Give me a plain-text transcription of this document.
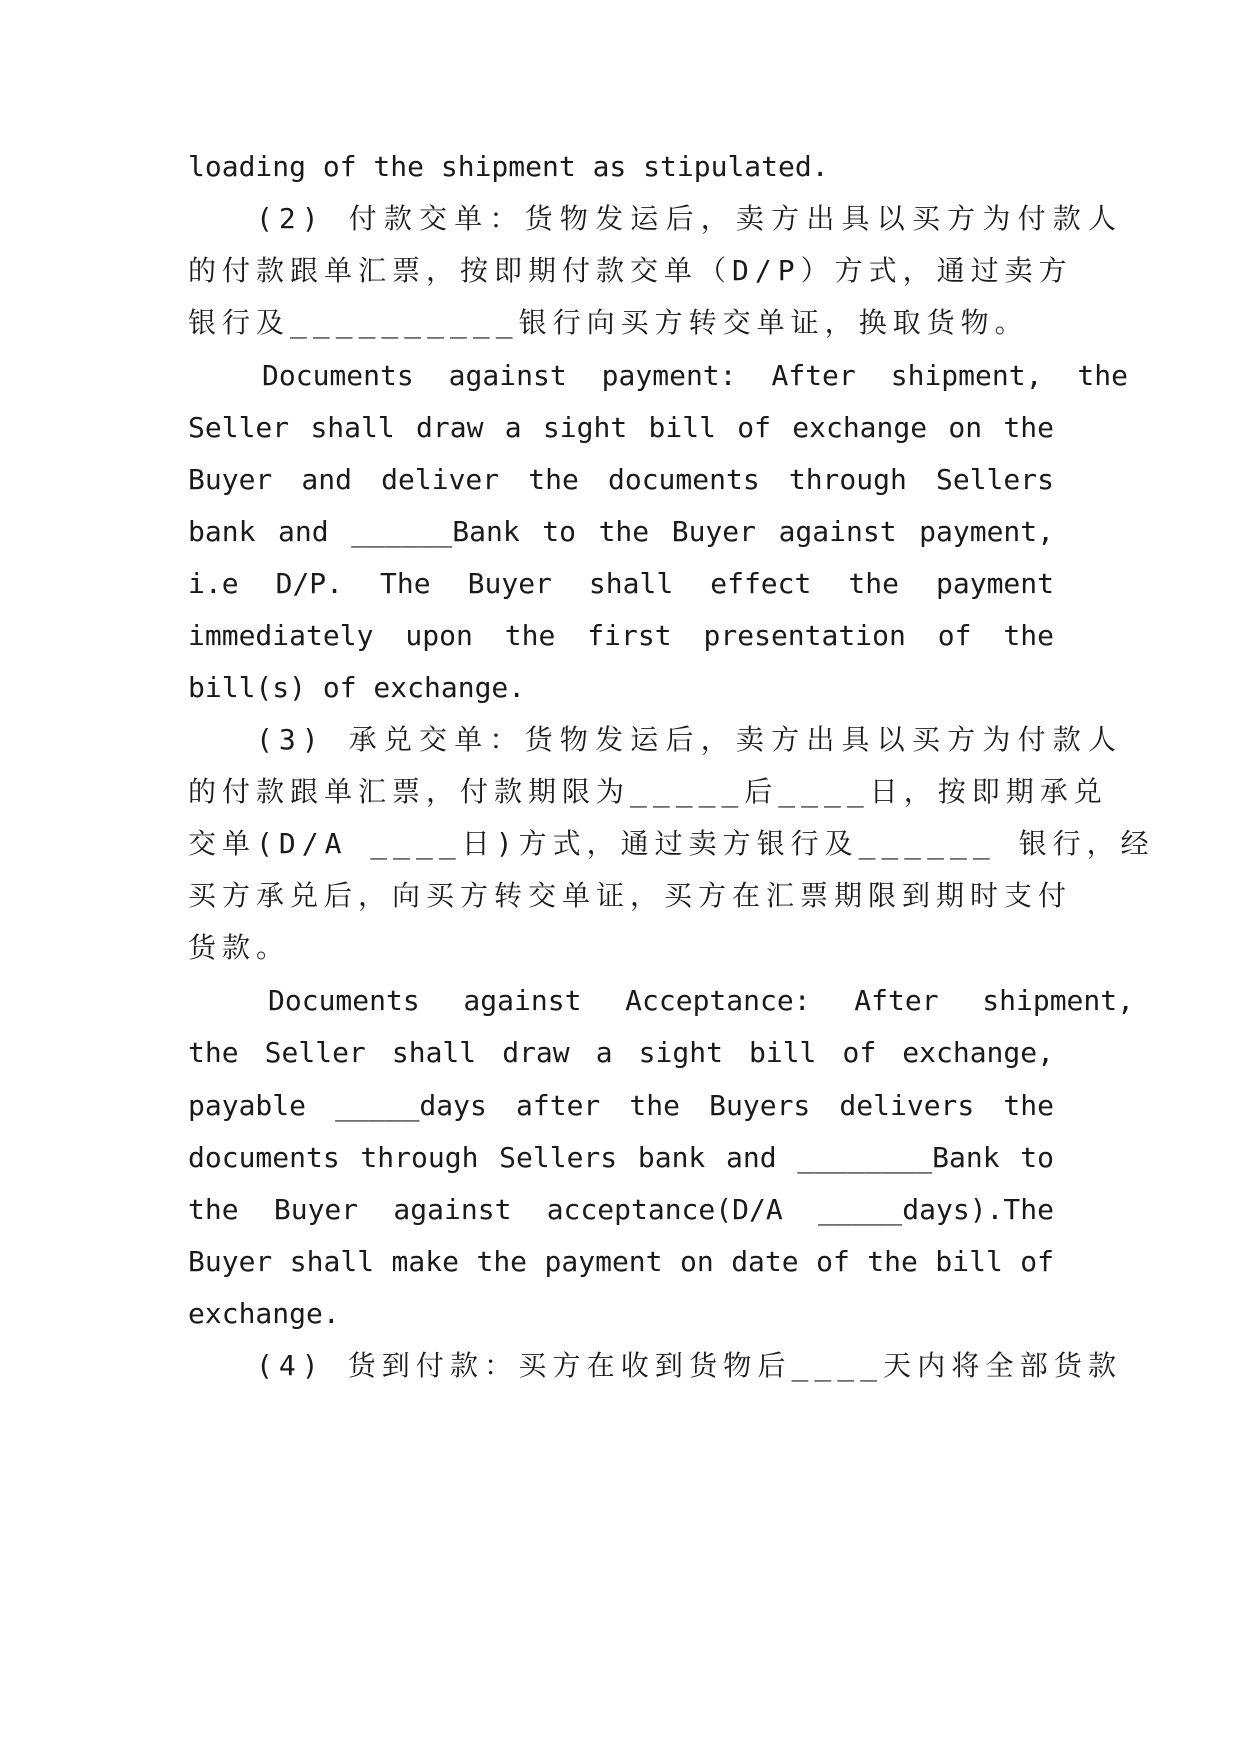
loading of the shipment as stipulated.
(2) 付款交单：货物发运后，卖方出具以买方为付款人
的付款跟单汇票，按即期付款交单（D/P）方式，通过卖方
银行及__________银行向买方转交单证，换取货物。
Documents against payment: After shipment, the
Seller shall draw a sight bill of exchange on the
Buyer and deliver the documents through Sellers
bank and ______Bank to the Buyer against payment,
i.e D/P. The Buyer shall effect the payment
immediately upon the first presentation of the
bill(s) of exchange.
(3) 承兑交单：货物发运后，卖方出具以买方为付款人
的付款跟单汇票，付款期限为_____后____日，按即期承兑
交单(D/A ____日)方式，通过卖方银行及______ 银行，经
买方承兑后，向买方转交单证，买方在汇票期限到期时支付
货款。
Documents against Acceptance: After shipment,
the Seller shall draw a sight bill of exchange,
payable _____days after the Buyers delivers the
documents through Sellers bank and ________Bank to
the Buyer against acceptance(D/A _____days).The
Buyer shall make the payment on date of the bill of
exchange.
(4) 货到付款：买方在收到货物后____天内将全部货款
